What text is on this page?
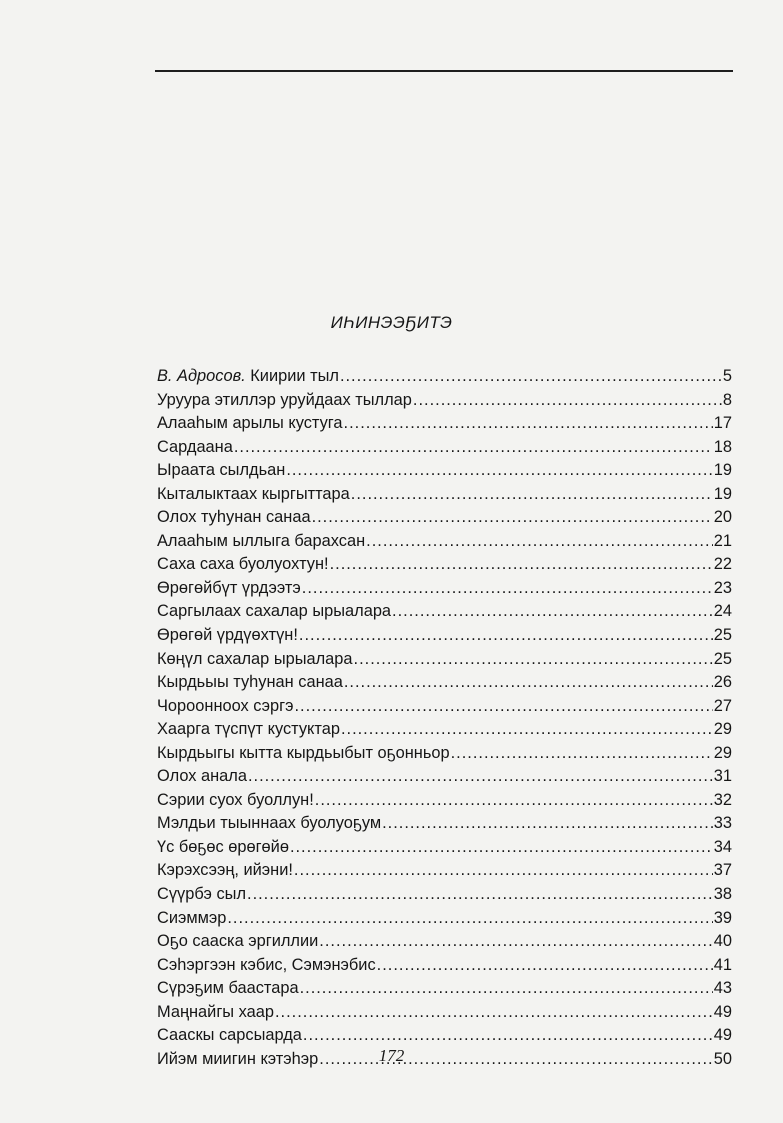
ИҺИНЭЭҔИТЭ
В. Адросов. Киирии тыл .....	5
Уруура этиллэр уруйдаах тыллар .....	8
Алааһым арылы кустуга .....	17
Сардаана .....	18
Ыраата сылдьан .....	19
Кыталыктаах кыргыттара .....	19
Олох туһунан санаа .....	20
Алааһым ыллыга барахсан .....	21
Саха саха буолуохтун! .....	22
Өрөгөйбүт үрдээтэ .....	23
Саргылаах сахалар ырыалара .....	24
Өрөгөй үрдүөхтүн! .....	25
Көңүл сахалар ырыалара .....	25
Кырдьыы туһунан санаа .....	26
Чороонноох сэргэ .....	27
Хаарга түспүт кустуктар .....	29
Кырдьыгы кытта кырдьыбыт оҕонньор .....	29
Олох анала .....	31
Сэрии суох буоллун! .....	32
Мэлдьи тыыннаах буолуоҕум .....	33
Үс бөҕөс өрөгөйө .....	34
Кэрэхсээң, ийэни! .....	37
Сүүрбэ сыл .....	38
Сиэммэр .....	39
Оҕо сааска эргиллии .....	40
Сэһэргээн кэбис, Сэмэнэбис .....	41
Сүрэҕим баастара .....	43
Маңнайгы хаар .....	49
Сааскы сарсыарда .....	49
Ийэм миигин кэтэһэр .....	50
172
